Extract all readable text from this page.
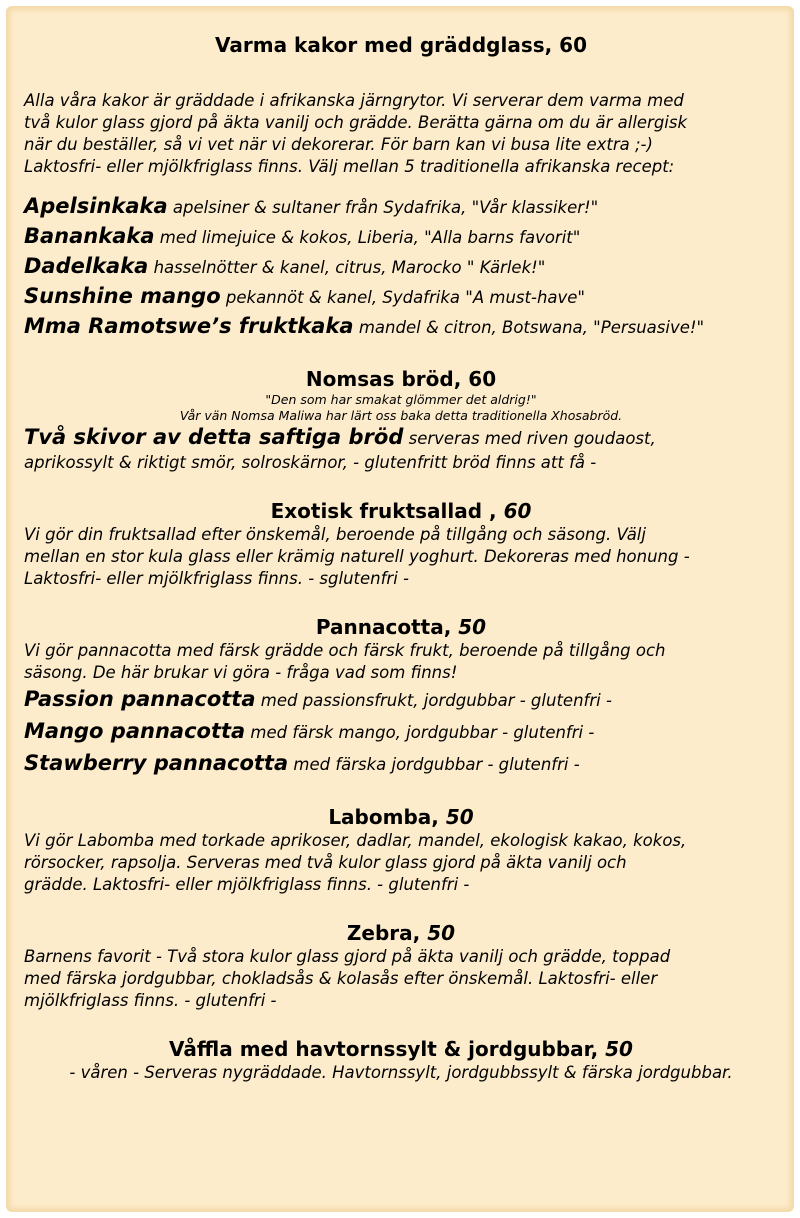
Varma kakor med gräddglass, 60

Alla våra kakor är gräddade i afrikanska järngrytor. Vi serverar dem varma med

två kulor glass gjord på äkta vanilj och grädde. Berätta gärna om du är allergisk

när du beställer, så vi vet när vi dekorerar. För barn kan vi busa lite extra ;-)

Laktosfri- eller mjölkfriglass finns. Välj mellan 5 traditionella afrikanska recept:

Apelsinkaka apelsiner & sultaner från Sydafrika, "Vår klassiker!"

Banankaka med limejuice & kokos, Liberia, "Alla barns favorit"

Dadelkaka hasselnötter & kanel, citrus, Marocko " Kärlek!"

Sunshine mango pekannöt & kanel, Sydafrika "A must-have"

Mma Ramotswe’s fruktkaka mandel & citron, Botswana, "Persuasive!"

Nomsas bröd, 60

"Den som har smakat glömmer det aldrig!"

Vår vän Nomsa Maliwa har lärt oss baka detta traditionella Xhosabröd.

Två skivor av detta saftiga bröd serveras med riven goudaost,

aprikossylt & riktigt smör, solroskärnor, - glutenfritt bröd finns att få -

Exotisk fruktsallad , 60

Vi gör din fruktsallad efter önskemål, beroende på tillgång och säsong. Välj

mellan en stor kula glass eller krämig naturell yoghurt. Dekoreras med honung -

Laktosfri- eller mjölkfriglass finns. - sglutenfri -

Pannacotta, 50

Vi gör pannacotta med färsk grädde och färsk frukt, beroende på tillgång och

säsong. De här brukar vi göra - fråga vad som finns!

Passion pannacotta med passionsfrukt, jordgubbar - glutenfri -

Mango pannacotta med färsk mango, jordgubbar - glutenfri -

Stawberry pannacotta med färska jordgubbar - glutenfri -

Labomba, 50

Vi gör Labomba med torkade aprikoser, dadlar, mandel, ekologisk kakao, kokos,

rörsocker, rapsolja. Serveras med två kulor glass gjord på äkta vanilj och

grädde. Laktosfri- eller mjölkfriglass finns. - glutenfri -

Zebra, 50

Barnens favorit - Två stora kulor glass gjord på äkta vanilj och grädde, toppad

med färska jordgubbar, chokladsås & kolasås efter önskemål. Laktosfri- eller

mjölkfriglass finns. - glutenfri -

Våffla med havtornssylt & jordgubbar, 50

- våren - Serveras nygräddade. Havtornssylt, jordgubbssylt & färska jordgubbar.
